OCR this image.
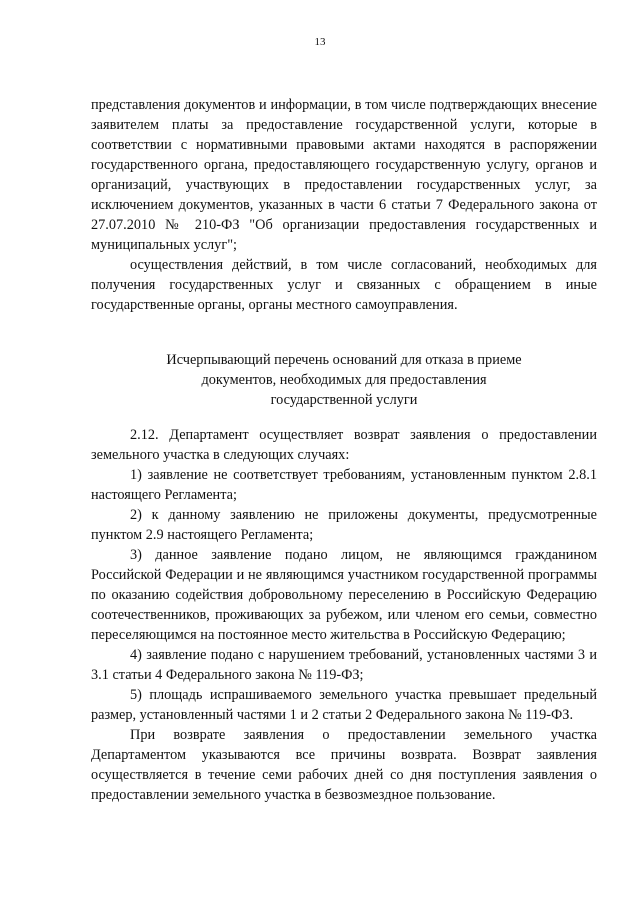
13

представления документов и информации, в том числе подтверждающих внесение заявителем платы за предоставление государственной услуги, которые в соответствии с нормативными правовыми актами находятся в распоряжении государственного органа, предоставляющего государственную услугу, органов и организаций, участвующих в предоставлении государственных услуг, за исключением документов, указанных в части 6 статьи 7 Федерального закона от 27.07.2010 № 210-ФЗ "Об организации предоставления государственных и муниципальных услуг";

осуществления действий, в том числе согласований, необходимых для получения государственных услуг и связанных с обращением в иные государственные органы, органы местного самоуправления.

Исчерпывающий перечень оснований для отказа в приеме
документов, необходимых для предоставления
государственной услуги

2.12. Департамент осуществляет возврат заявления о предоставлении земельного участка в следующих случаях:

1) заявление не соответствует требованиям, установленным пунктом 2.8.1 настоящего Регламента;

2) к данному заявлению не приложены документы, предусмотренные пунктом 2.9 настоящего Регламента;

3) данное заявление подано лицом, не являющимся гражданином Российской Федерации и не являющимся участником государственной программы по оказанию содействия добровольному переселению в Российскую Федерацию соотечественников, проживающих за рубежом, или членом его семьи, совместно переселяющимся на постоянное место жительства в Российскую Федерацию;

4) заявление подано с нарушением требований, установленных частями 3 и 3.1 статьи 4 Федерального закона № 119-ФЗ;

5) площадь испрашиваемого земельного участка превышает предельный размер, установленный частями 1 и 2 статьи 2 Федерального закона № 119-ФЗ.

При возврате заявления о предоставлении земельного участка Департаментом указываются все причины возврата. Возврат заявления осуществляется в течение семи рабочих дней со дня поступления заявления о предоставлении земельного участка в безвозмездное пользование.
